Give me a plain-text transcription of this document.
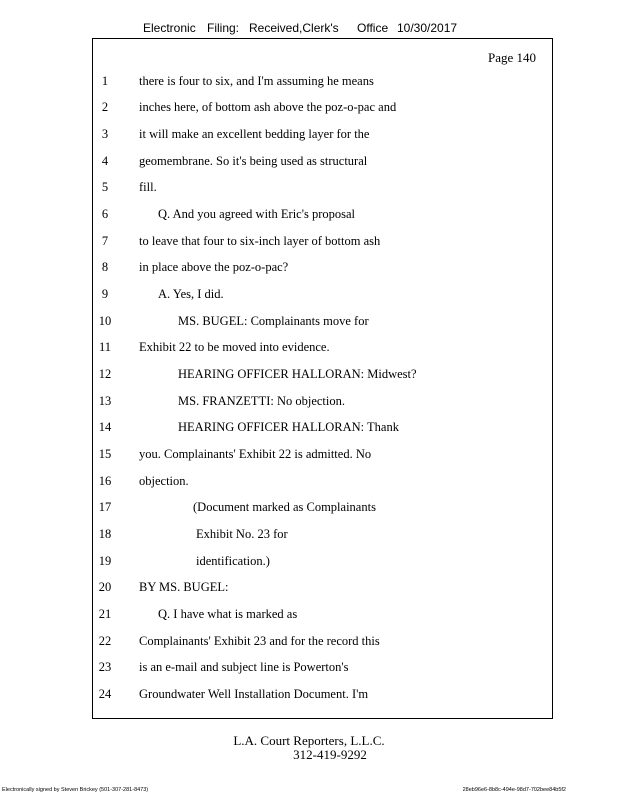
Electronic Filing: Received,Clerk's Office 10/30/2017
Page 140
1	there is four to six, and I'm assuming he means
2	inches here, of bottom ash above the poz-o-pac and
3	it will make an excellent bedding layer for the
4	geomembrane. So it's being used as structural
5	fill.
6	Q. And you agreed with Eric's proposal
7	to leave that four to six-inch layer of bottom ash
8	in place above the poz-o-pac?
9	A. Yes, I did.
10	MS. BUGEL: Complainants move for
11	Exhibit 22 to be moved into evidence.
12	HEARING OFFICER HALLORAN: Midwest?
13	MS. FRANZETTI: No objection.
14	HEARING OFFICER HALLORAN: Thank
15	you. Complainants' Exhibit 22 is admitted. No
16	objection.
17	(Document marked as Complainants
18	Exhibit No. 23 for
19	identification.)
20	BY MS. BUGEL:
21	Q. I have what is marked as
22	Complainants' Exhibit 23 and for the record this
23	is an e-mail and subject line is Powerton's
24	Groundwater Well Installation Document. I'm
L.A. Court Reporters, L.L.C.
312-419-9292
Electronically signed by Steven Brickey (501-307-281-8473)	28eb96e6-8b8c-494e-98d7-702bee84b5f2
